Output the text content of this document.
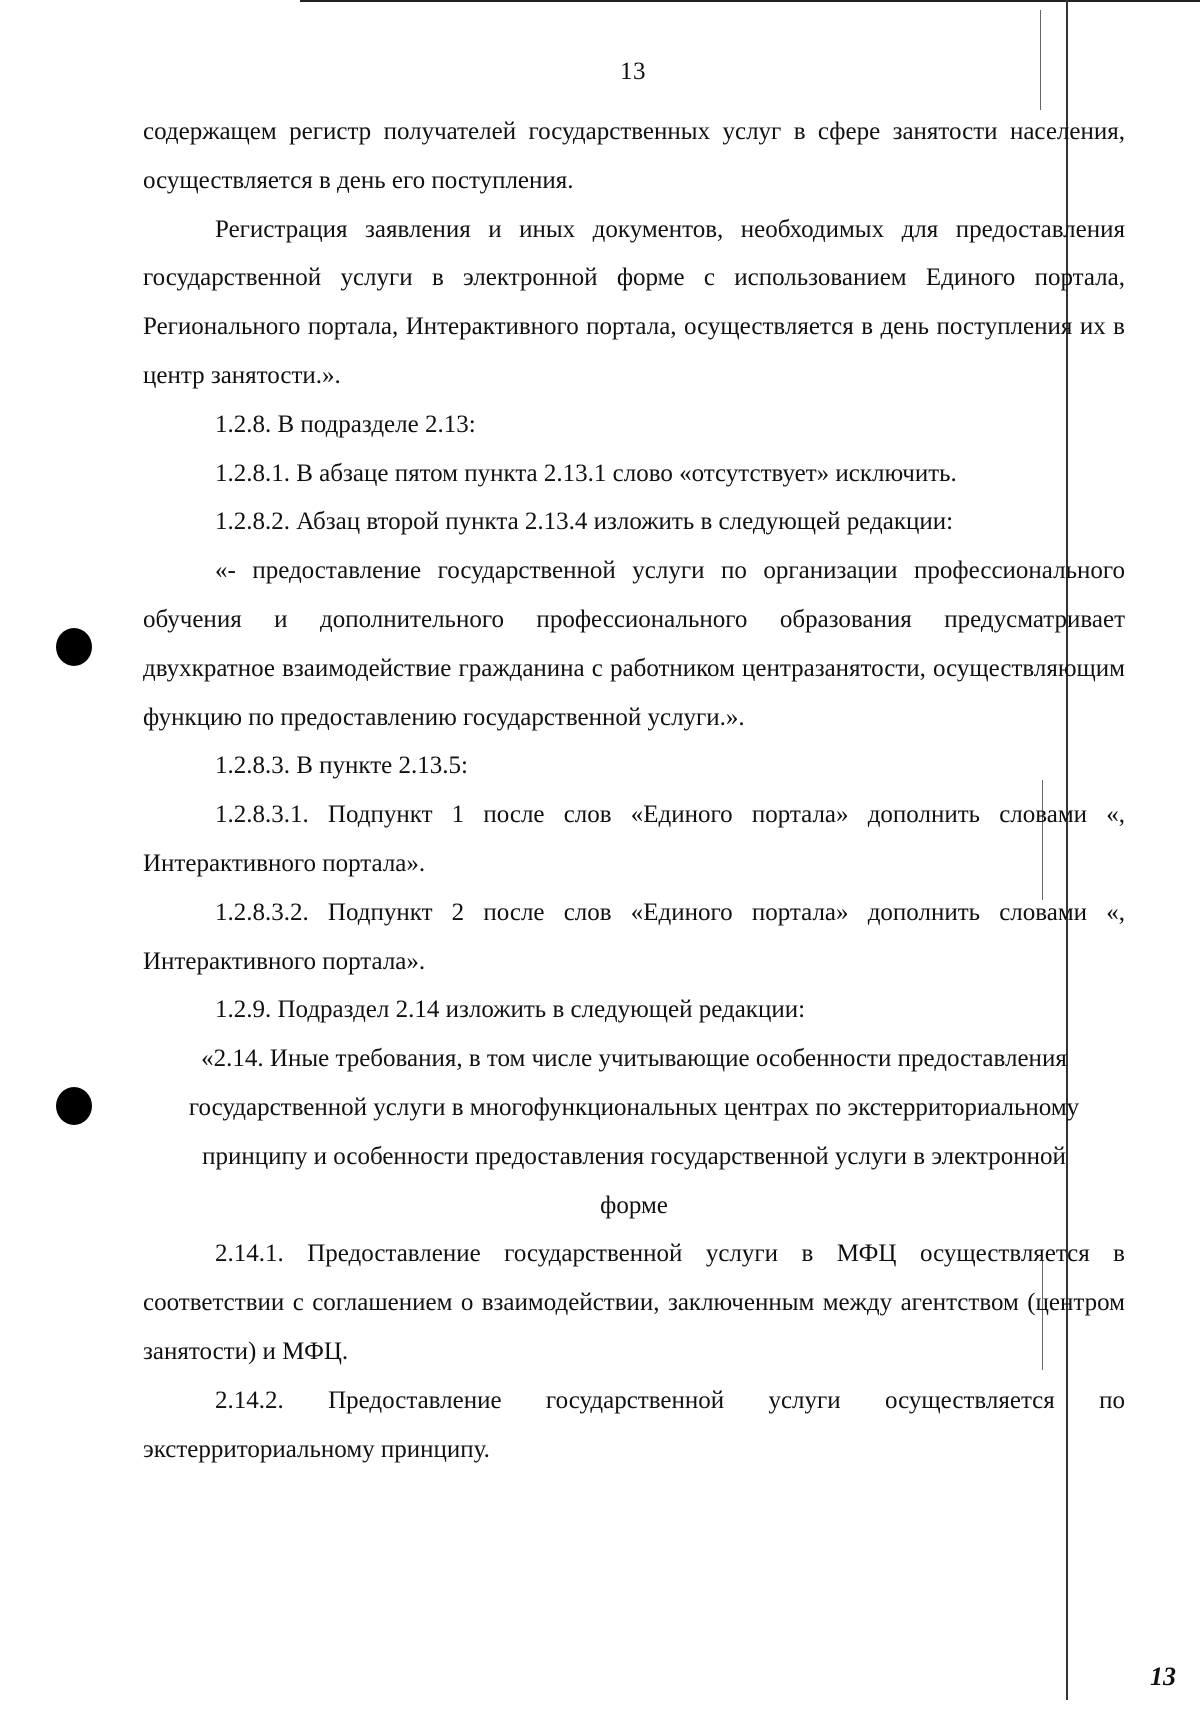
13

содержащем регистр получателей государственных услуг в сфере занятости населения, осуществляется в день его поступления.

Регистрация заявления и иных документов, необходимых для предоставления государственной услуги в электронной форме с использованием Единого портала, Регионального портала, Интерактивного портала, осуществляется в день поступления их в центр занятости.».

1.2.8. В подразделе 2.13:

1.2.8.1. В абзаце пятом пункта 2.13.1 слово «отсутствует» исключить.

1.2.8.2. Абзац второй пункта 2.13.4 изложить в следующей редакции:

«- предоставление государственной услуги по организации профессионального обучения и дополнительного профессионального образования предусматривает двухкратное взаимодействие гражданина с работником центразанятости, осуществляющим функцию по предоставлению государственной услуги.».

1.2.8.3. В пункте 2.13.5:

1.2.8.3.1. Подпункт 1 после слов «Единого портала» дополнить словами «, Интерактивного портала».

1.2.8.3.2. Подпункт 2 после слов «Единого портала» дополнить словами «, Интерактивного портала».

1.2.9. Подраздел 2.14 изложить в следующей редакции:

«2.14. Иные требования, в том числе учитывающие особенности предоставления государственной услуги в многофункциональных центрах по экстерриториальному принципу и особенности предоставления государственной услуги в электронной форме

2.14.1. Предоставление государственной услуги в МФЦ осуществляется в соответствии с соглашением о взаимодействии, заключенным между агентством (центром занятости) и МФЦ.

2.14.2. Предоставление государственной услуги осуществляется по экстерриториальному принципу.

13
